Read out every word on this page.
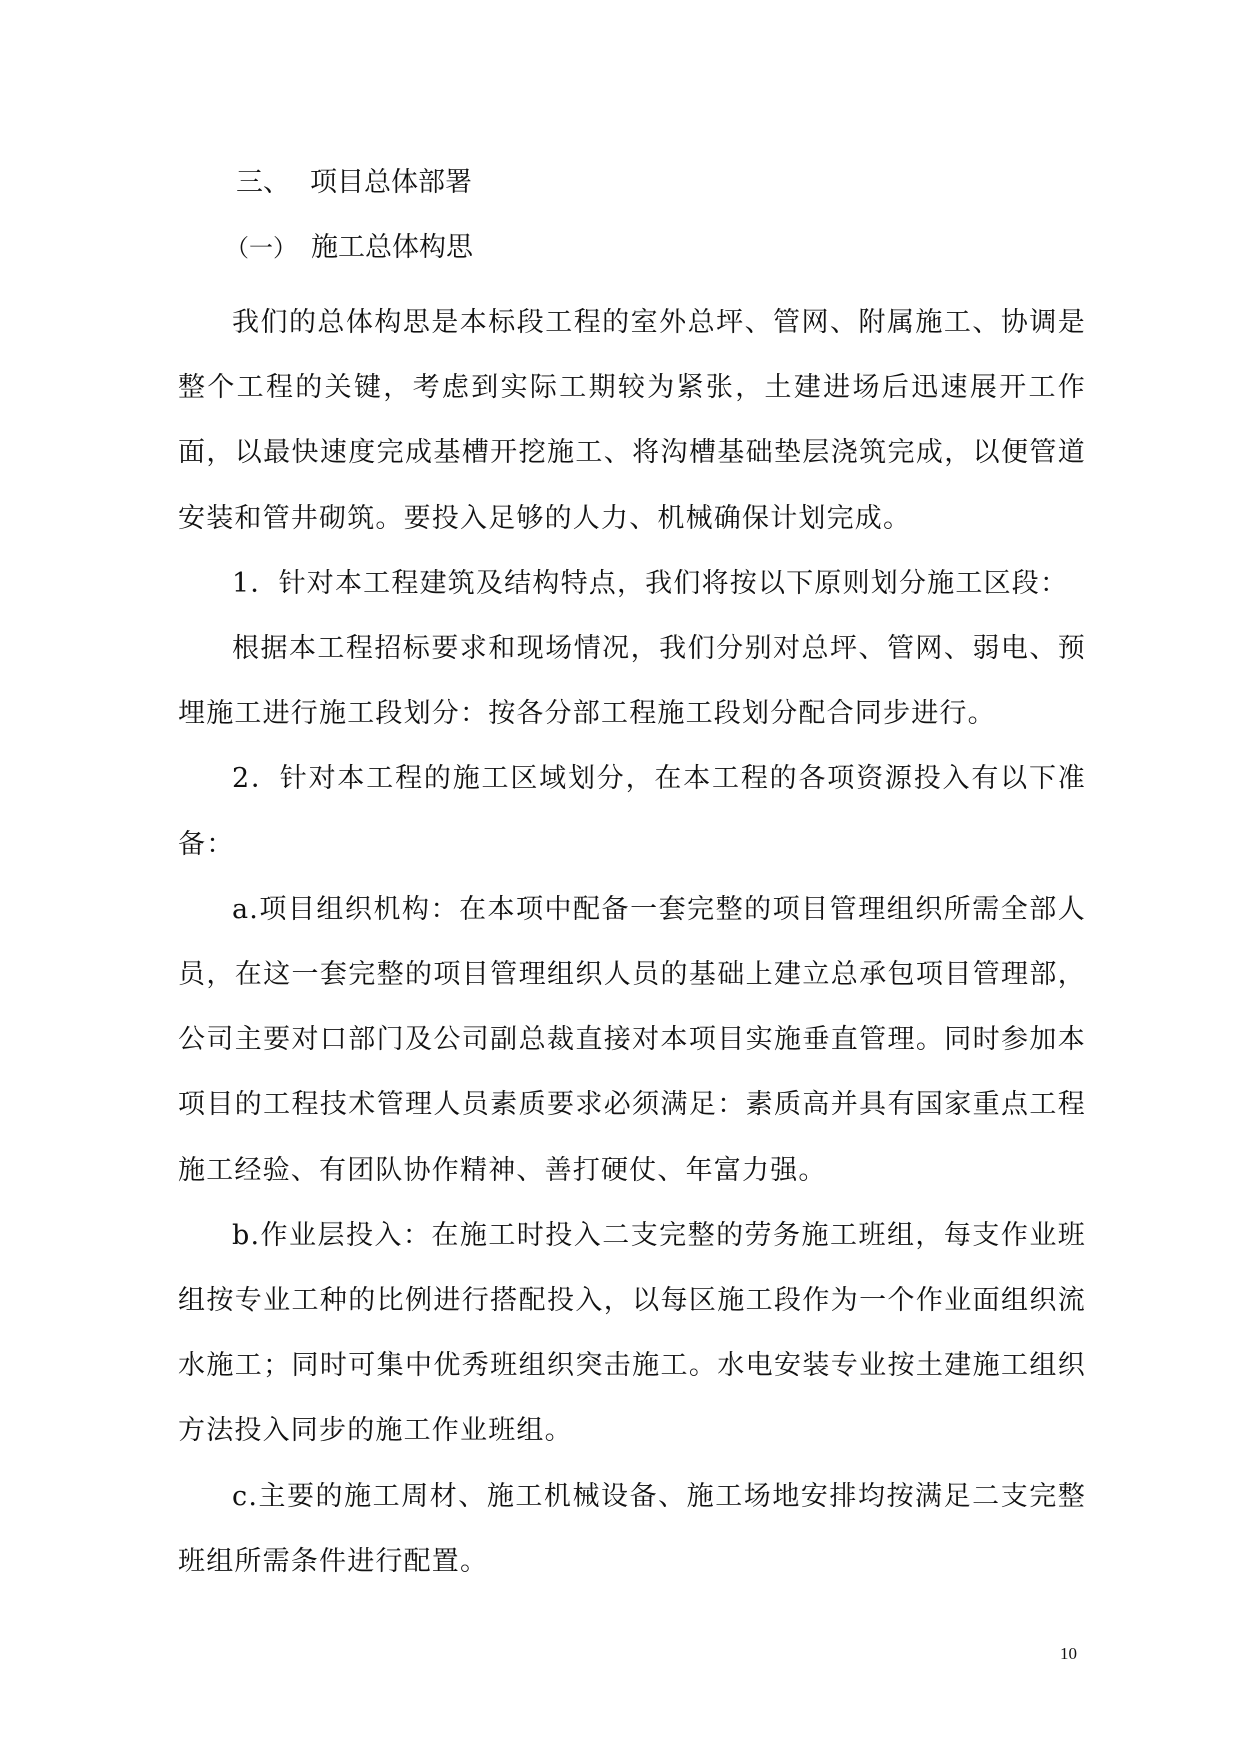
三、 项目总体部署
（一） 施工总体构思

我们的总体构思是本标段工程的室外总坪、管网、附属施工、协调是整个工程的关键，考虑到实际工期较为紧张，土建进场后迅速展开工作面，以最快速度完成基槽开挖施工、将沟槽基础垫层浇筑完成，以便管道安装和管井砌筑。要投入足够的人力、机械确保计划完成。

1．针对本工程建筑及结构特点，我们将按以下原则划分施工区段：

根据本工程招标要求和现场情况，我们分别对总坪、管网、弱电、预埋施工进行施工段划分：按各分部工程施工段划分配合同步进行。

2．针对本工程的施工区域划分，在本工程的各项资源投入有以下准备：

a.项目组织机构：在本项中配备一套完整的项目管理组织所需全部人员，在这一套完整的项目管理组织人员的基础上建立总承包项目管理部，公司主要对口部门及公司副总裁直接对本项目实施垂直管理。同时参加本项目的工程技术管理人员素质要求必须满足：素质高并具有国家重点工程施工经验、有团队协作精神、善打硬仗、年富力强。

b.作业层投入：在施工时投入二支完整的劳务施工班组，每支作业班组按专业工种的比例进行搭配投入，以每区施工段作为一个作业面组织流水施工；同时可集中优秀班组织突击施工。水电安装专业按土建施工组织方法投入同步的施工作业班组。

c.主要的施工周材、施工机械设备、施工场地安排均按满足二支完整班组所需条件进行配置。

10
